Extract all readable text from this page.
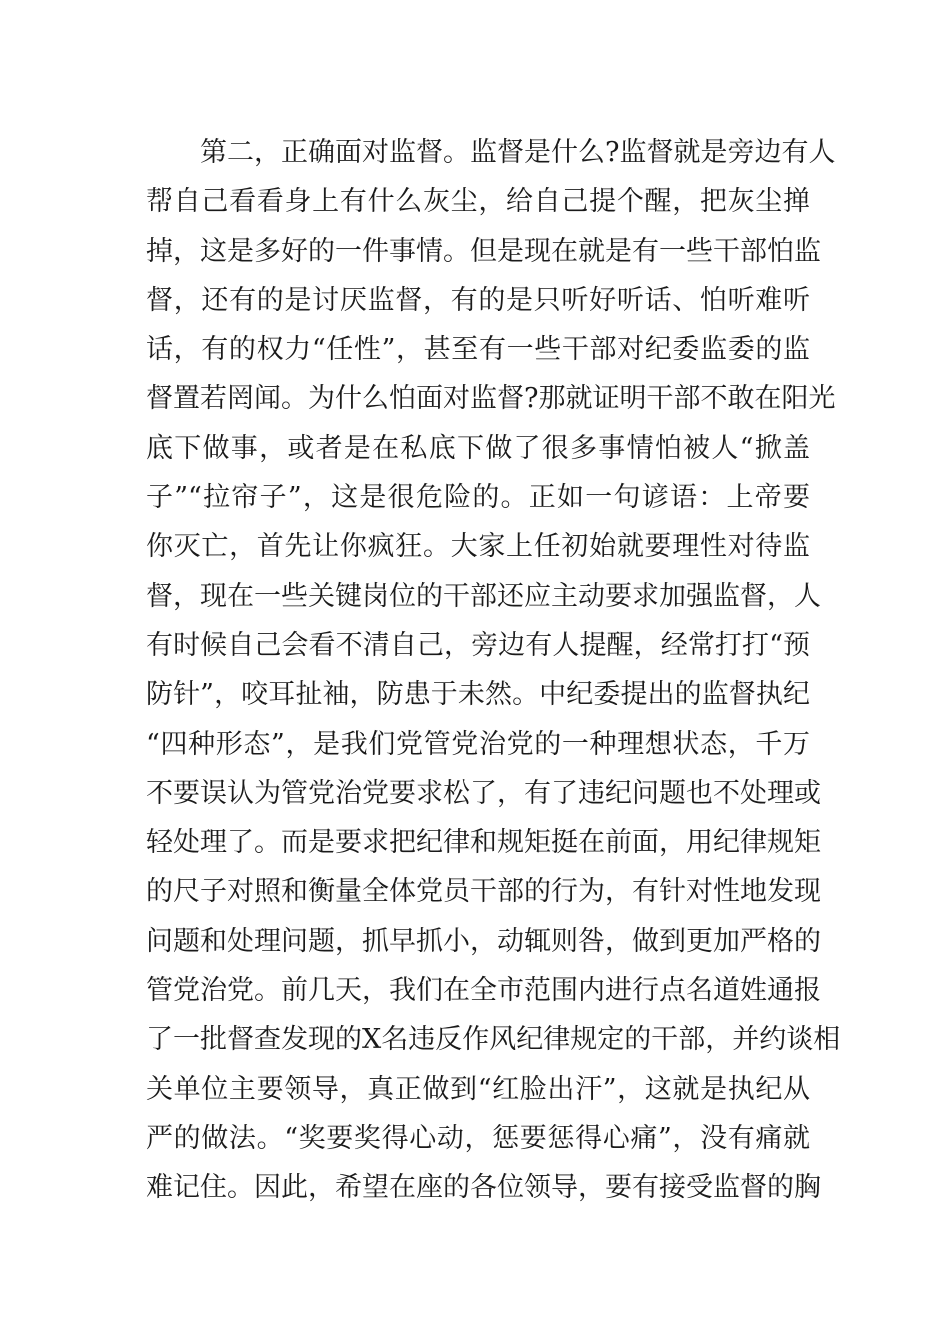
第二，正确面对监督。监督是什么?监督就是旁边有人
帮自己看看身上有什么灰尘，给自己提个醒，把灰尘掸
掉，这是多好的一件事情。但是现在就是有一些干部怕监
督，还有的是讨厌监督，有的是只听好听话、怕听难听
话，有的权力“任性”，甚至有一些干部对纪委监委的监
督置若罔闻。为什么怕面对监督?那就证明干部不敢在阳光
底下做事，或者是在私底下做了很多事情怕被人“掀盖
子”“拉帘子”，这是很危险的。正如一句谚语：上帝要
你灭亡，首先让你疯狂。大家上任初始就要理性对待监
督，现在一些关键岗位的干部还应主动要求加强监督，人
有时候自己会看不清自己，旁边有人提醒，经常打打“预
防针”，咬耳扯袖，防患于未然。中纪委提出的监督执纪
“四种形态”，是我们党管党治党的一种理想状态，千万
不要误认为管党治党要求松了，有了违纪问题也不处理或
轻处理了。而是要求把纪律和规矩挺在前面，用纪律规矩
的尺子对照和衡量全体党员干部的行为，有针对性地发现
问题和处理问题，抓早抓小，动辄则咎，做到更加严格的
管党治党。前几天，我们在全市范围内进行点名道姓通报
了一批督查发现的X名违反作风纪律规定的干部，并约谈相
关单位主要领导，真正做到“红脸出汗”，这就是执纪从
严的做法。“奖要奖得心动，惩要惩得心痛”，没有痛就
难记住。因此，希望在座的各位领导，要有接受监督的胸
